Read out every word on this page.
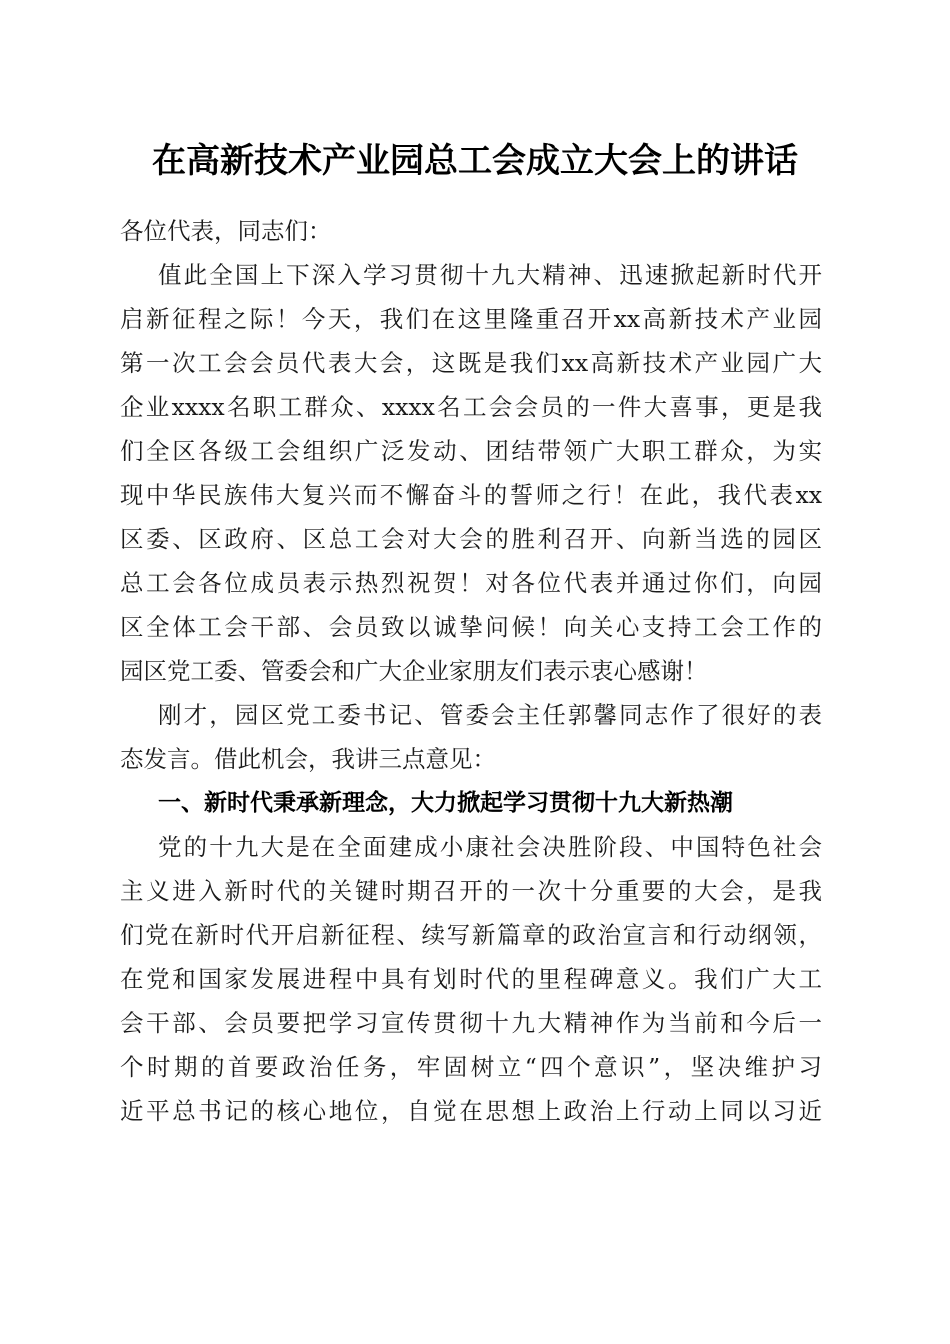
在高新技术产业园总工会成立大会上的讲话
各位代表，同志们：
值此全国上下深入学习贯彻十九大精神、迅速掀起新时代开
启新征程之际！今天，我们在这里隆重召开xx高新技术产业园
第一次工会会员代表大会，这既是我们xx高新技术产业园广大
企业xxxx名职工群众、xxxx名工会会员的一件大喜事，更是我
们全区各级工会组织广泛发动、团结带领广大职工群众，为实
现中华民族伟大复兴而不懈奋斗的誓师之行！在此，我代表xx
区委、区政府、区总工会对大会的胜利召开、向新当选的园区
总工会各位成员表示热烈祝贺！对各位代表并通过你们，向园
区全体工会干部、会员致以诚挚问候！向关心支持工会工作的
园区党工委、管委会和广大企业家朋友们表示衷心感谢！
刚才，园区党工委书记、管委会主任郭馨同志作了很好的表
态发言。借此机会，我讲三点意见：
一、新时代秉承新理念，大力掀起学习贯彻十九大新热潮
党的十九大是在全面建成小康社会决胜阶段、中国特色社会
主义进入新时代的关键时期召开的一次十分重要的大会，是我
们党在新时代开启新征程、续写新篇章的政治宣言和行动纲领，
在党和国家发展进程中具有划时代的里程碑意义。我们广大工
会干部、会员要把学习宣传贯彻十九大精神作为当前和今后一
个时期的首要政治任务，牢固树立“四个意识”，坚决维护习
近平总书记的核心地位，自觉在思想上政治上行动上同以习近
